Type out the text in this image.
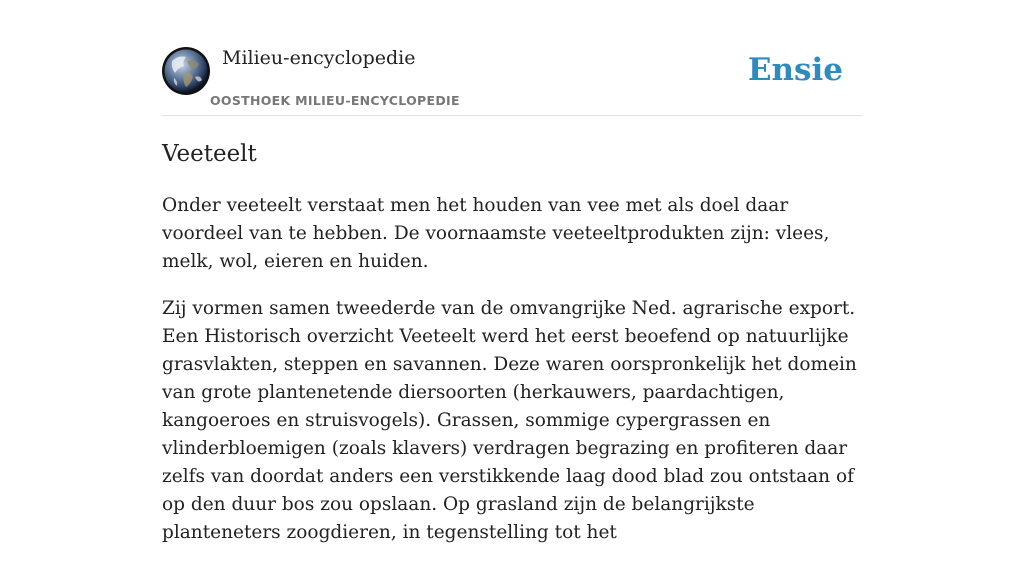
Milieu-encyclopedie
OOSTHOEK MILIEU-ENCYCLOPEDIE
Ensie
Veeteelt

Onder veeteelt verstaat men het houden van vee met als doel daar voordeel van te hebben. De voornaamste veeteeltprodukten zijn: vlees, melk, wol, eieren en huiden.

Zij vormen samen tweederde van de omvangrijke Ned. agrarische export. Een Historisch overzicht Veeteelt werd het eerst beoefend op natuurlijke grasvlakten, steppen en savannen. Deze waren oorspronkelijk het domein van grote plantenetende diersoorten (herkauwers, paardachtigen, kangoeroes en struisvogels). Grassen, sommige cypergrassen en vlinderbloemigen (zoals klavers) verdragen begrazing en profiteren daar zelfs van doordat anders een verstikkende laag dood blad zou ontstaan of op den duur bos zou opslaan. Op grasland zijn de belangrijkste planteneters zoogdieren, in tegenstelling tot het
